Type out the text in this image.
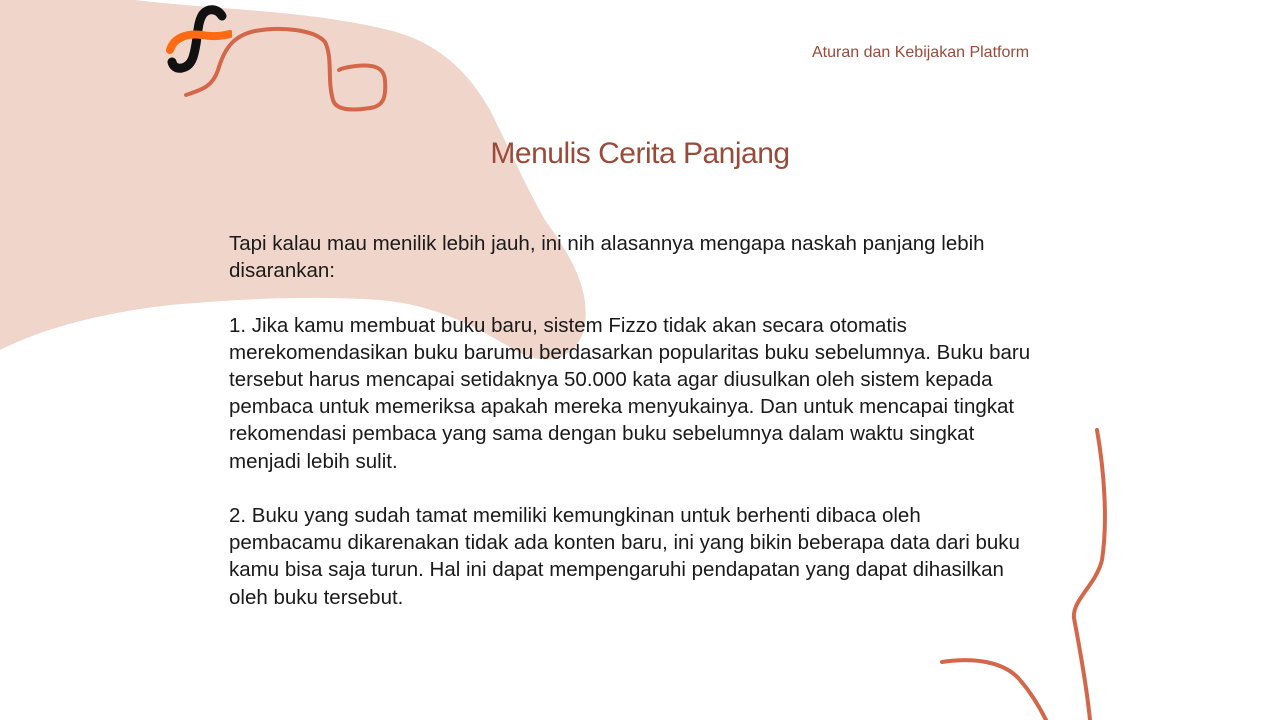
Aturan dan Kebijakan Platform
Menulis Cerita Panjang

Tapi kalau mau menilik lebih jauh, ini nih alasannya mengapa naskah panjang lebih disarankan:

1. Jika kamu membuat buku baru, sistem Fizzo tidak akan secara otomatis merekomendasikan buku barumu berdasarkan popularitas buku sebelumnya. Buku baru tersebut harus mencapai setidaknya 50.000 kata agar diusulkan oleh sistem kepada pembaca untuk memeriksa apakah mereka menyukainya. Dan untuk mencapai tingkat rekomendasi pembaca yang sama dengan buku sebelumnya dalam waktu singkat menjadi lebih sulit.

2. Buku yang sudah tamat memiliki kemungkinan untuk berhenti dibaca oleh pembacamu dikarenakan tidak ada konten baru, ini yang bikin beberapa data dari buku kamu bisa saja turun. Hal ini dapat mempengaruhi pendapatan yang dapat dihasilkan oleh buku tersebut.
